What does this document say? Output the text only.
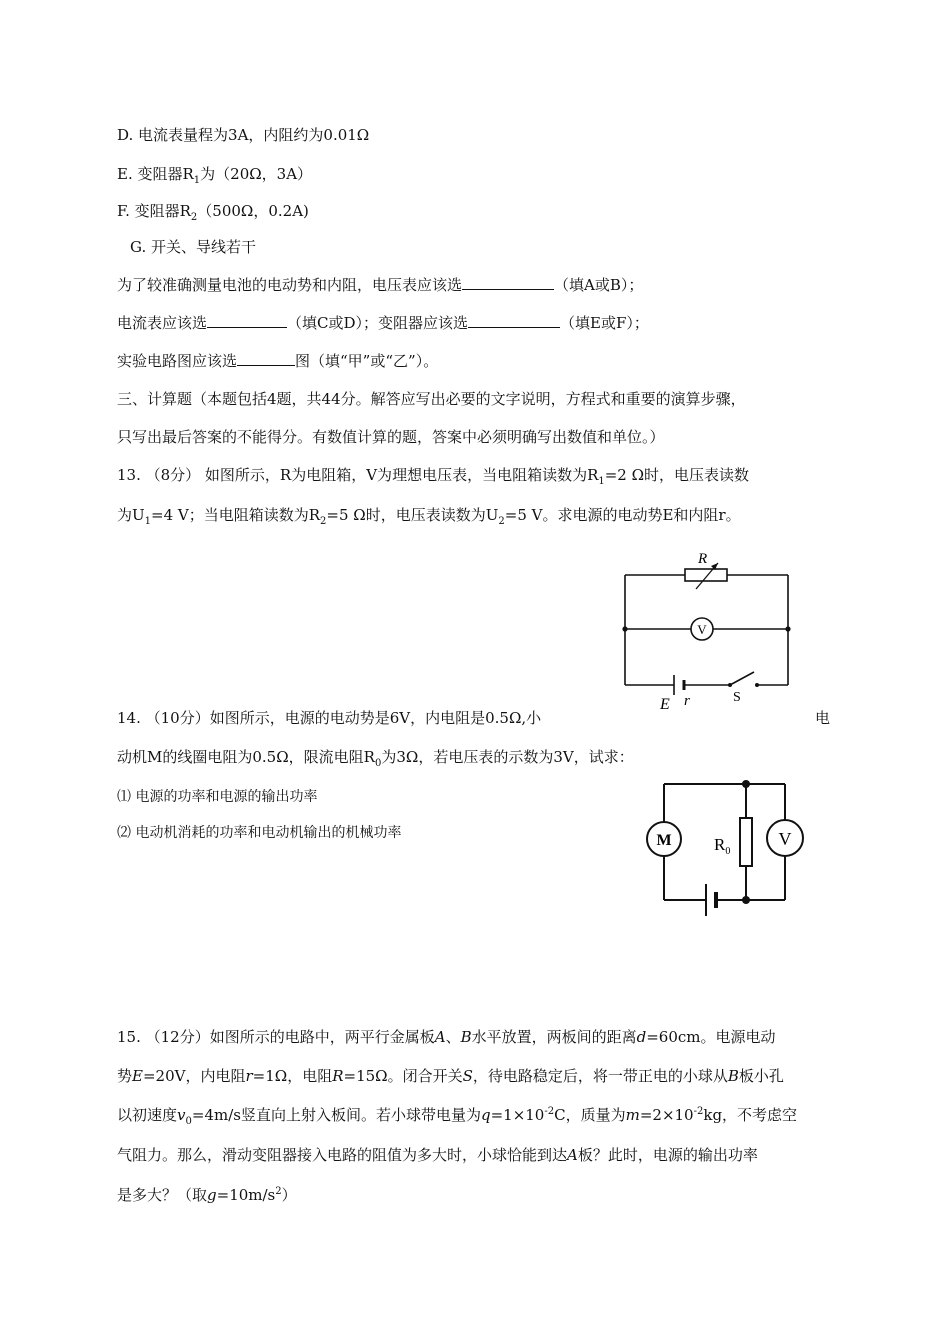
D. 电流表量程为3A，内阻约为0.01Ω
E. 变阻器$R_1$为（20Ω，3A）
F. 变阻器$R_2(500\Omega$，0.2A)
G. 开关、导线若干
为了较准确测量电池的电动势和内阻，电压表应该选	（填A或B）；
电流表应该选	（填C或D）；变阻器应该选	（填E或F）；
实验电路图应该选	图（填“甲”或“乙”）。
三、计算题（本题包括4题，共44分。解答应写出必要的文字说明，方程式和重要的演算步骤，
只写出最后答案的不能得分。有数值计算的题，答案中必须明确写出数值和单位。）
13. （8分） 如图所示，R为电阻箱，V为理想电压表，当电阻箱读数为$R_1=2$ Ω时，电压表读数
为$U_1=4$ V；当电阻箱读数为$R_2=5$ Ω时，电压表读数为$U_2=5$ V。求电源的电动势E和内阻r。
V
R
E r	S
14. （10分）如图所示，电源的电动势是6V，内电阻是0.5Ω,小	电
动机M的线圈电阻为0.5Ω，限流电阻$R_0$为3Ω，若电压表的示数为3V，试求：
⑴ 电源的功率和电源的输出功率
⑵ 电动机消耗的功率和电动机输出的机械功率	M $R_0$
V
15. （12分）如图所示的电路中，两平行金属板A、B水平放置，两板间的距离d=60cm。电源电动
势E=20V，内电阻r=1Ω，电阻R=15Ω。闭合开关S，待电路稳定后，将一带正电的小球从B板小孔
以初速度$v_0=4m/s$竖直向上射入板间。若小球带电量为$q=1\times 10^{-2}C$，质量为$m=2\times 10^{-2}kg$，不考虑空
气阻力。那么，滑动变阻器接入电路的阻值为多大时，小球恰能到达A板？此时，电源的输出功率
是多大？（取$g=10m/s^2$）
